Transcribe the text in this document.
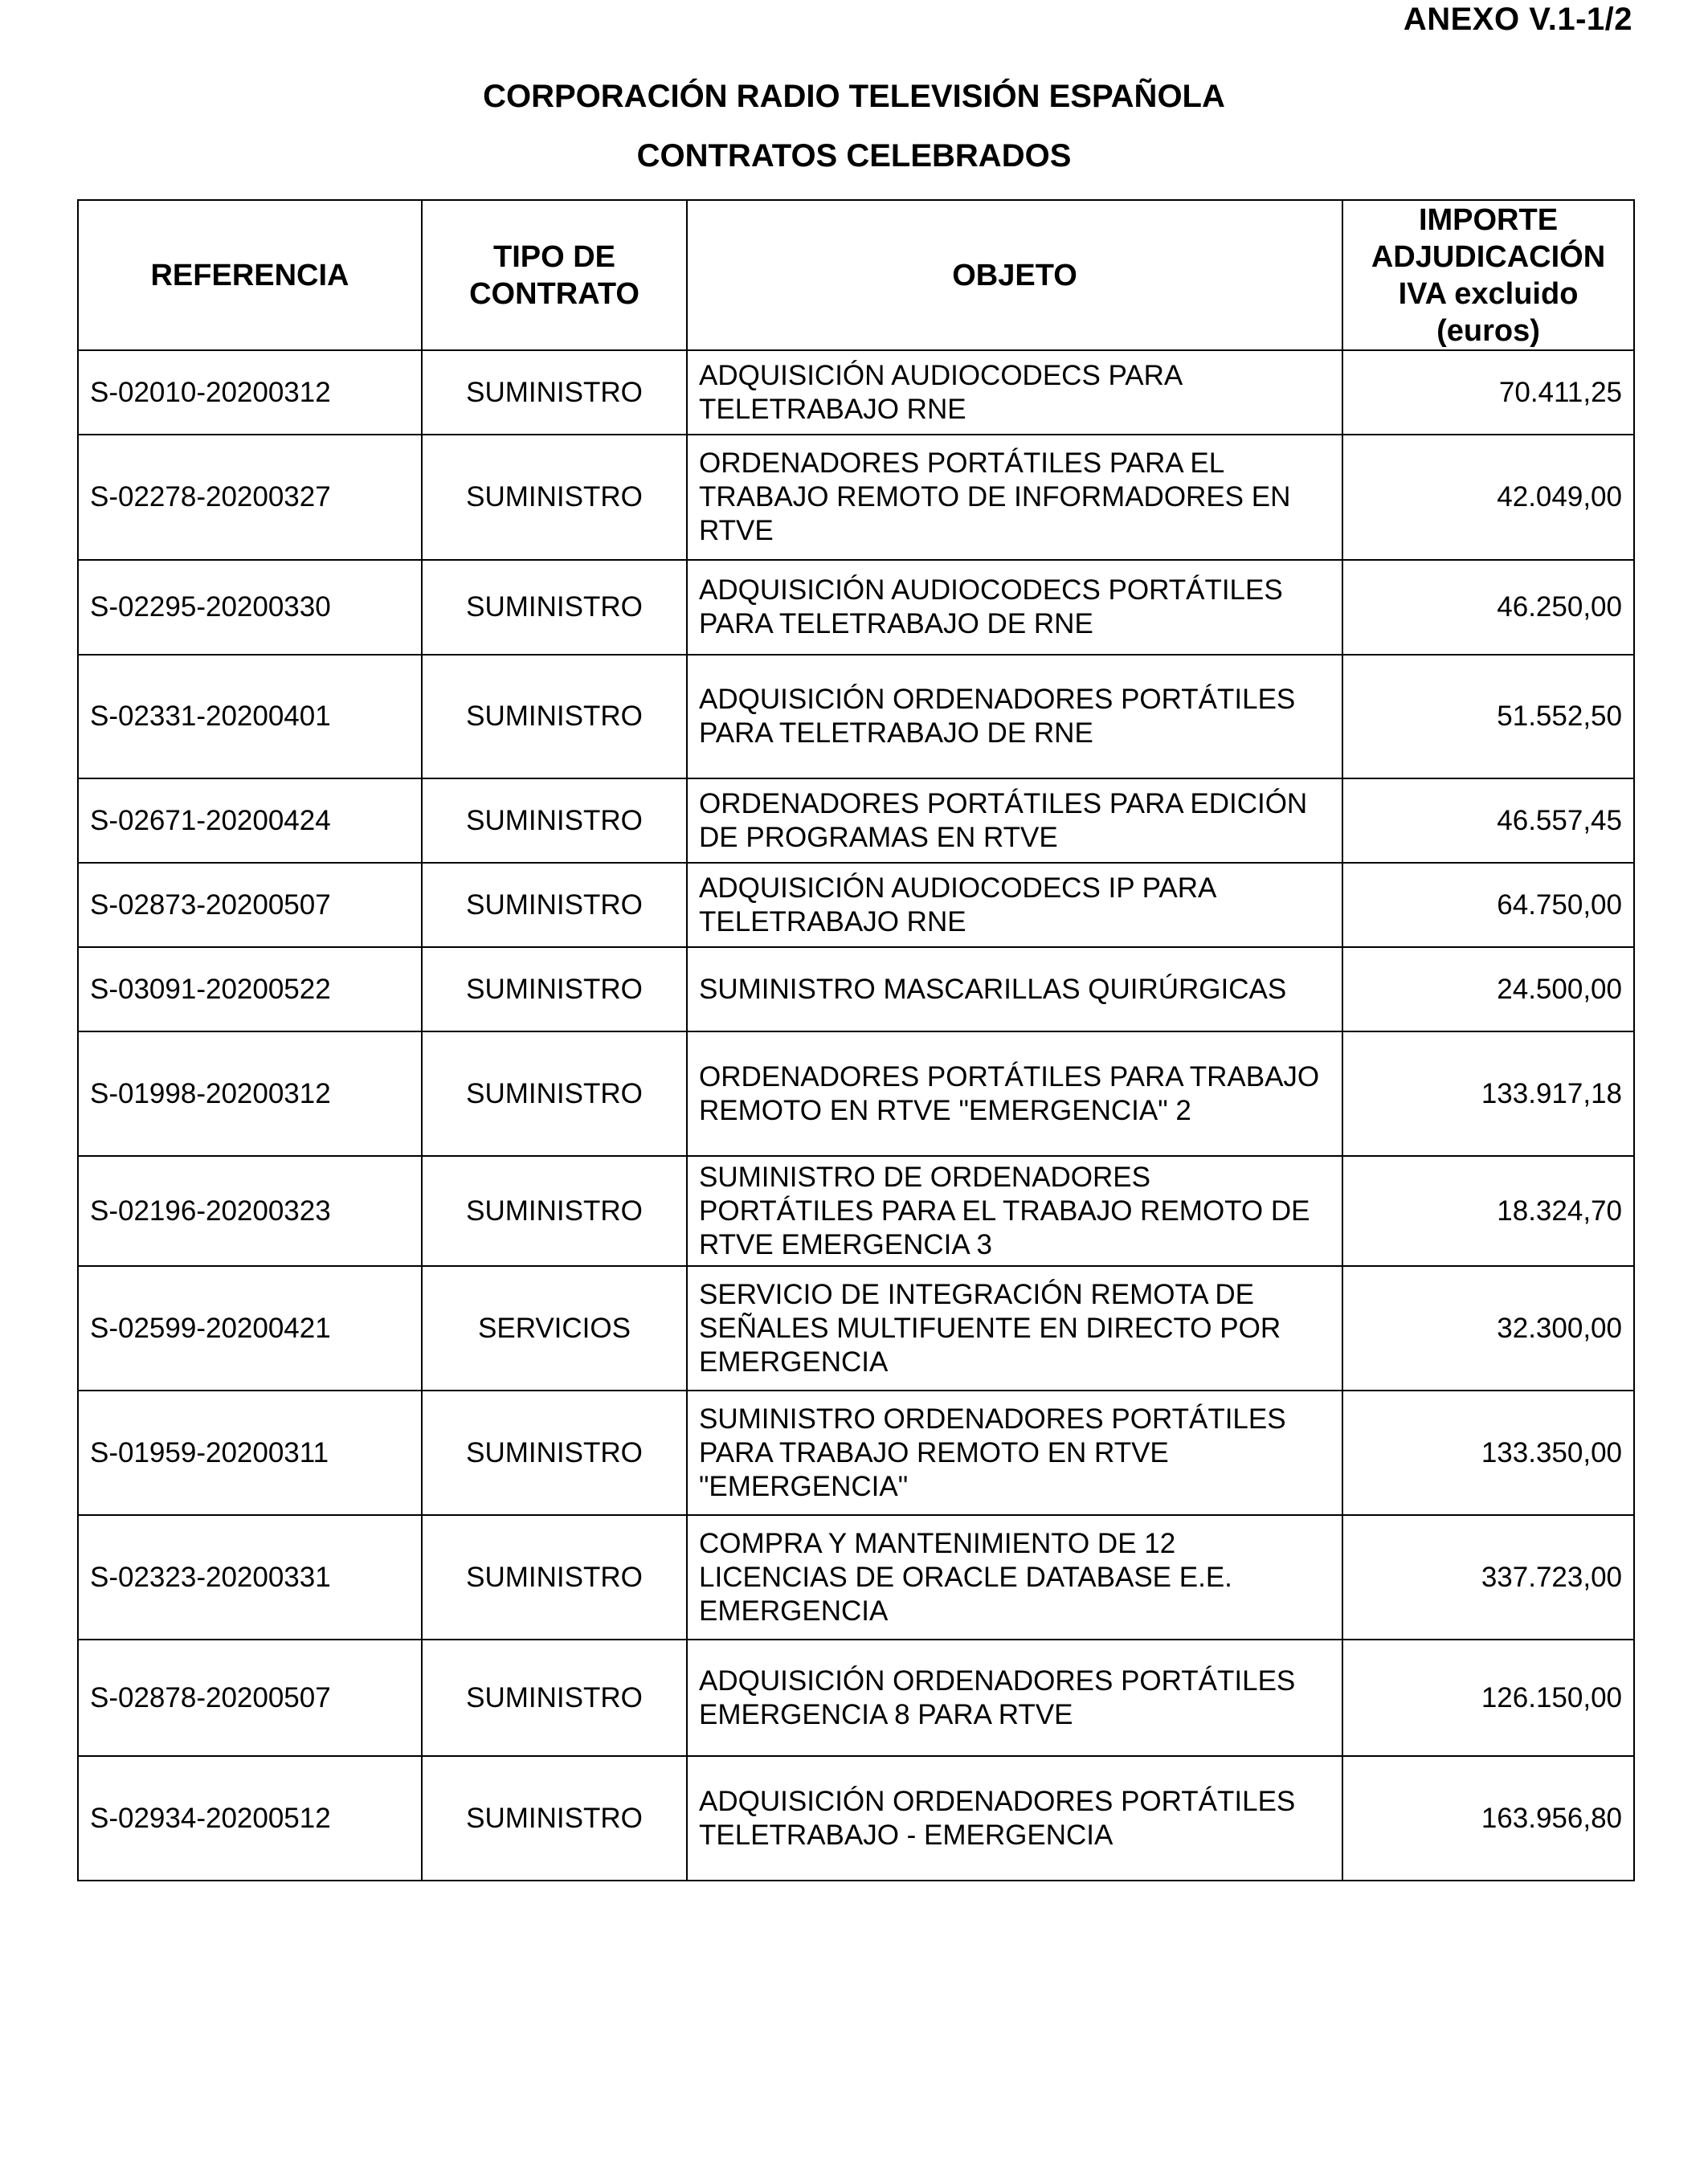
ANEXO V.1-1/2
CORPORACIÓN RADIO TELEVISIÓN ESPAÑOLA
CONTRATOS CELEBRADOS
REFERENCIA	TIPO DE CONTRATO	OBJETO	IMPORTE ADJUDICACIÓN IVA excluido (euros)
S-02010-20200312	SUMINISTRO	ADQUISICIÓN AUDIOCODECS PARA TELETRABAJO RNE	70.411,25
S-02278-20200327	SUMINISTRO	ORDENADORES PORTÁTILES PARA EL TRABAJO REMOTO DE INFORMADORES EN RTVE	42.049,00
S-02295-20200330	SUMINISTRO	ADQUISICIÓN AUDIOCODECS PORTÁTILES PARA TELETRABAJO DE RNE	46.250,00
S-02331-20200401	SUMINISTRO	ADQUISICIÓN ORDENADORES PORTÁTILES PARA TELETRABAJO DE RNE	51.552,50
S-02671-20200424	SUMINISTRO	ORDENADORES PORTÁTILES PARA EDICIÓN DE PROGRAMAS EN RTVE	46.557,45
S-02873-20200507	SUMINISTRO	ADQUISICIÓN AUDIOCODECS IP PARA TELETRABAJO RNE	64.750,00
S-03091-20200522	SUMINISTRO	SUMINISTRO MASCARILLAS QUIRÚRGICAS	24.500,00
S-01998-20200312	SUMINISTRO	ORDENADORES PORTÁTILES PARA TRABAJO REMOTO EN RTVE "EMERGENCIA" 2	133.917,18
S-02196-20200323	SUMINISTRO	SUMINISTRO DE ORDENADORES PORTÁTILES PARA EL TRABAJO REMOTO DE RTVE EMERGENCIA 3	18.324,70
S-02599-20200421	SERVICIOS	SERVICIO DE INTEGRACIÓN REMOTA DE SEÑALES MULTIFUENTE EN DIRECTO POR EMERGENCIA	32.300,00
S-01959-20200311	SUMINISTRO	SUMINISTRO ORDENADORES PORTÁTILES PARA TRABAJO REMOTO EN RTVE "EMERGENCIA"	133.350,00
S-02323-20200331	SUMINISTRO	COMPRA Y MANTENIMIENTO DE 12 LICENCIAS DE ORACLE DATABASE E.E. EMERGENCIA	337.723,00
S-02878-20200507	SUMINISTRO	ADQUISICIÓN ORDENADORES PORTÁTILES EMERGENCIA 8 PARA RTVE	126.150,00
S-02934-20200512	SUMINISTRO	ADQUISICIÓN ORDENADORES PORTÁTILES TELETRABAJO - EMERGENCIA	163.956,80
